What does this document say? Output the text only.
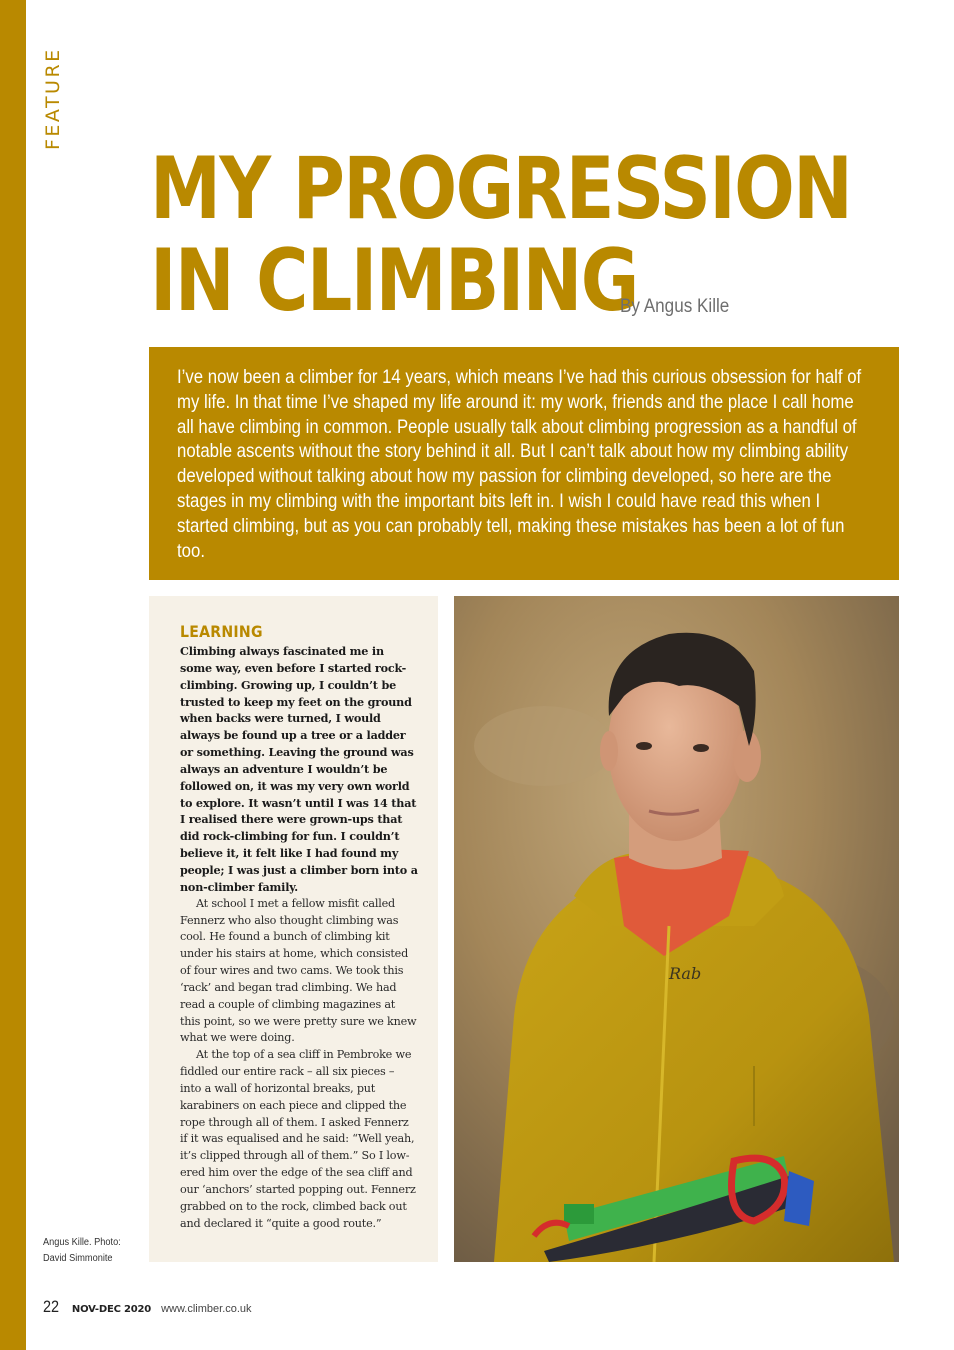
FEATURE
MY PROGRESSION
IN CLIMBING
By Angus Kille

I’ve now been a climber for 14 years, which means I’ve had this curious obsession for half of my life. In that time I’ve shaped my life around it: my work, friends and the place I call home all have climbing in common. People usually talk about climbing progression as a handful of notable ascents without the story behind it all. But I can’t talk about how my climbing ability developed without talking about how my passion for climbing developed, so here are the stages in my climbing with the important bits left in. I wish I could have read this when I started climbing, but as you can probably tell, making these mistakes has been a lot of fun too.

LEARNING

Climbing always fascinated me in some way, even before I started rock-climbing. Growing up, I couldn’t be trusted to keep my feet on the ground when backs were turned, I would always be found up a tree or a ladder or something. Leaving the ground was always an adventure I wouldn’t be followed on, it was my very own world to explore. It wasn’t until I was 14 that I realised there were grown-ups that did rock-climbing for fun. I couldn’t believe it, it felt like I had found my people; I was just a climber born into a non-climber family.

At school I met a fellow misfit called Fennerz who also thought climbing was cool. He found a bunch of climbing kit under his stairs at home, which consisted of four wires and two cams. We took this ‘rack’ and began trad climbing. We had read a couple of climbing magazines at this point, so we were pretty sure we knew what we were doing.

At the top of a sea cliff in Pembroke we fiddled our entire rack – all six pieces – into a wall of horizontal breaks, put karabiners on each piece and clipped the rope through all of them. I asked Fennerz if it was equalised and he said: “Well yeah, it’s clipped through all of them.” So I lowered him over the edge of the sea cliff and our ‘anchors’ started popping out. Fennerz grabbed on to the rock, climbed back out and declared it “quite a good route.”

Rab
Angus Kille. Photo:
David Simmonite
22 NOV-DEC 2020 www.climber.co.uk
